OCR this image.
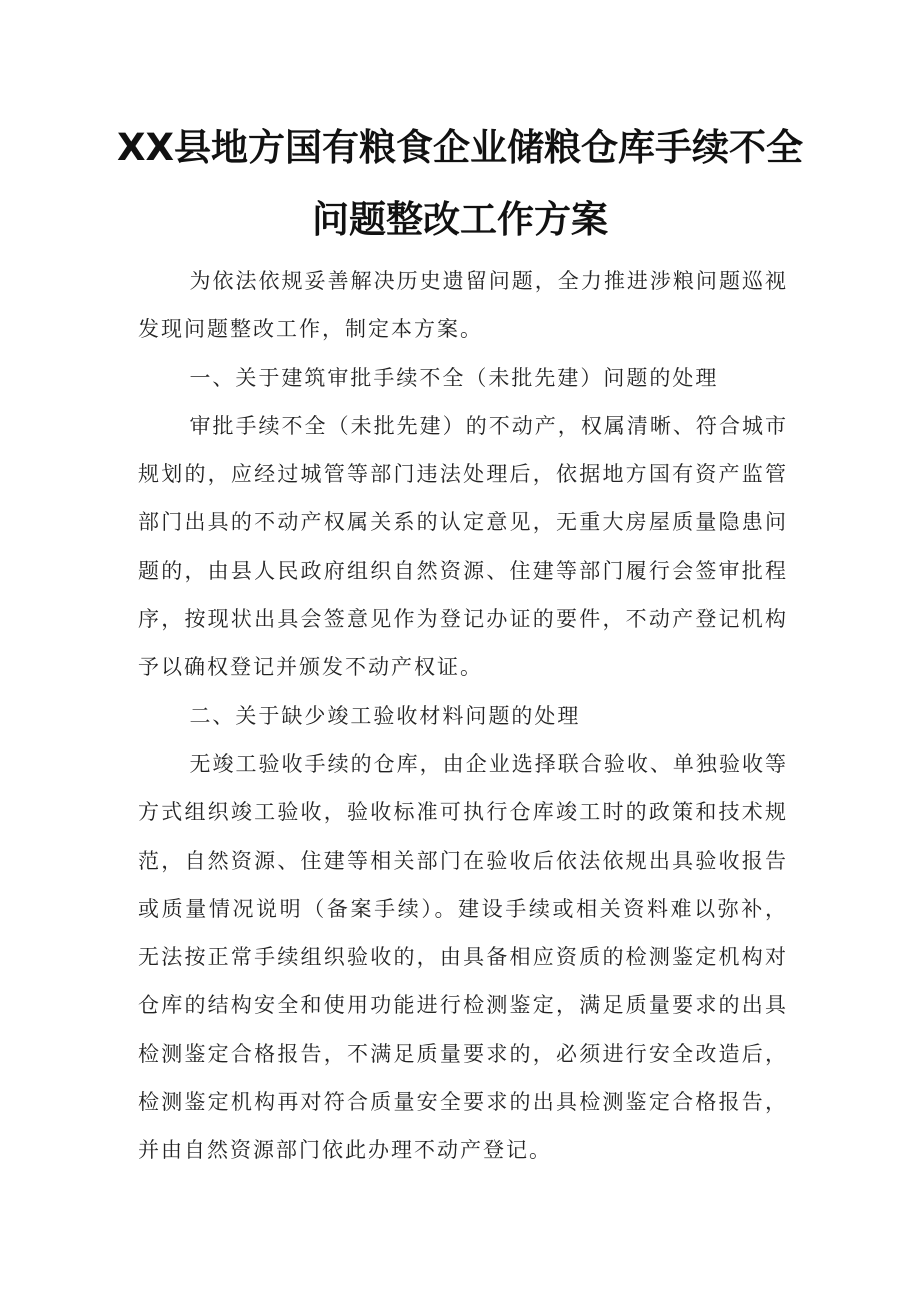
XX县地方国有粮食企业储粮仓库手续不全
问题整改工作方案

为依法依规妥善解决历史遗留问题，全力推进涉粮问题巡视发现问题整改工作，制定本方案。

一、关于建筑审批手续不全（未批先建）问题的处理

审批手续不全（未批先建）的不动产，权属清晰、符合城市规划的，应经过城管等部门违法处理后，依据地方国有资产监管部门出具的不动产权属关系的认定意见，无重大房屋质量隐患问题的，由县人民政府组织自然资源、住建等部门履行会签审批程序，按现状出具会签意见作为登记办证的要件，不动产登记机构予以确权登记并颁发不动产权证。

二、关于缺少竣工验收材料问题的处理

无竣工验收手续的仓库，由企业选择联合验收、单独验收等方式组织竣工验收，验收标准可执行仓库竣工时的政策和技术规范，自然资源、住建等相关部门在验收后依法依规出具验收报告或质量情况说明（备案手续）。建设手续或相关资料难以弥补，无法按正常手续组织验收的，由具备相应资质的检测鉴定机构对仓库的结构安全和使用功能进行检测鉴定，满足质量要求的出具检测鉴定合格报告，不满足质量要求的，必须进行安全改造后，检测鉴定机构再对符合质量安全要求的出具检测鉴定合格报告，并由自然资源部门依此办理不动产登记。
